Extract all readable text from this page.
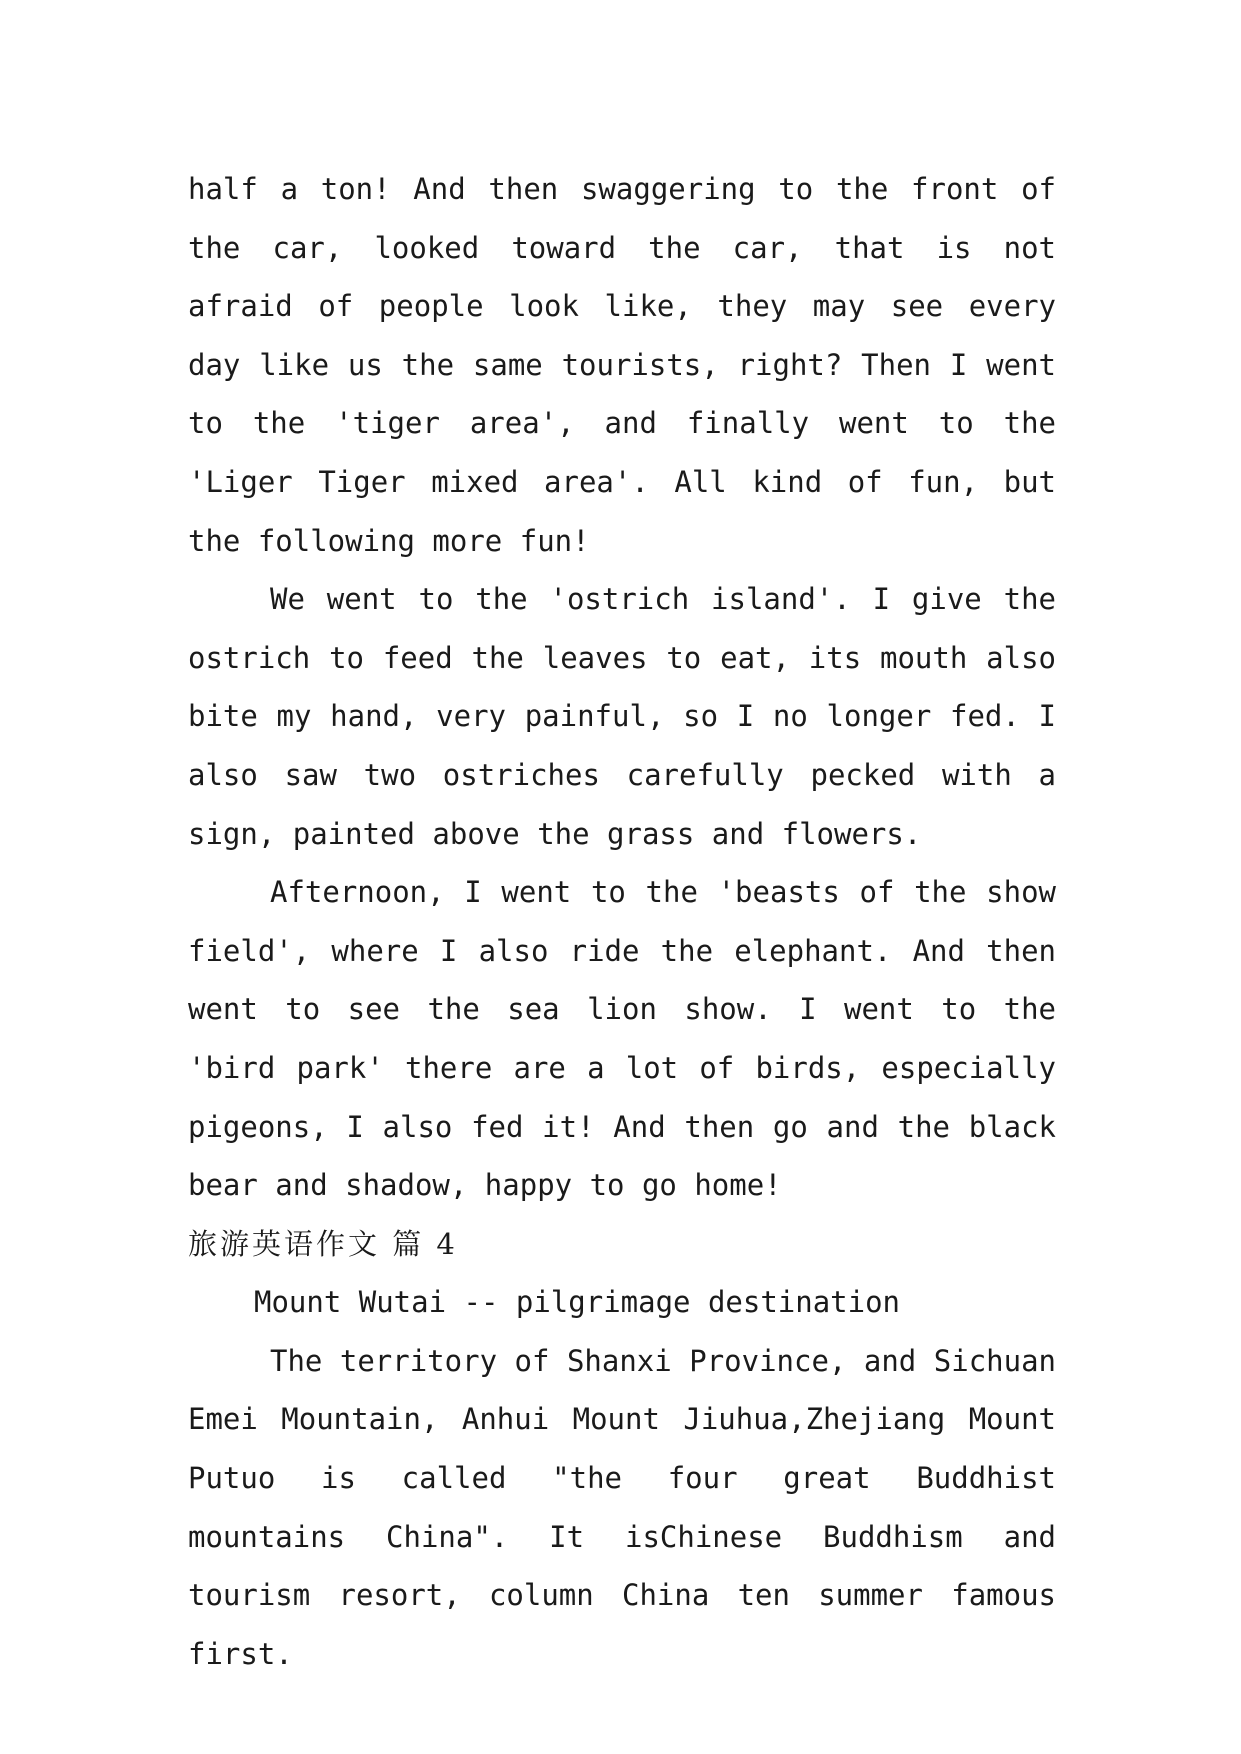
half a ton! And then swaggering to the front of the car, looked toward the car, that is not afraid of people look like, they may see every day like us the same tourists, right? Then I went to the 'tiger area', and finally went to the 'Liger Tiger mixed area'. All kind of fun, but the following more fun!

We went to the 'ostrich island'. I give the ostrich to feed the leaves to eat, its mouth also bite my hand, very painful, so I no longer fed. I also saw two ostriches carefully pecked with a sign, painted above the grass and flowers.

Afternoon, I went to the 'beasts of the show field', where I also ride the elephant. And then went to see the sea lion show. I went to the 'bird park' there are a lot of birds, especially pigeons, I also fed it! And then go and the black bear and shadow, happy to go home!

旅游英语作文 篇 4

Mount Wutai -- pilgrimage destination

The territory of Shanxi Province, and Sichuan Emei Mountain, Anhui Mount Jiuhua,Zhejiang Mount Putuo is called "the four great Buddhist mountains China". It isChinese Buddhism and tourism resort, column China ten summer famous first.
